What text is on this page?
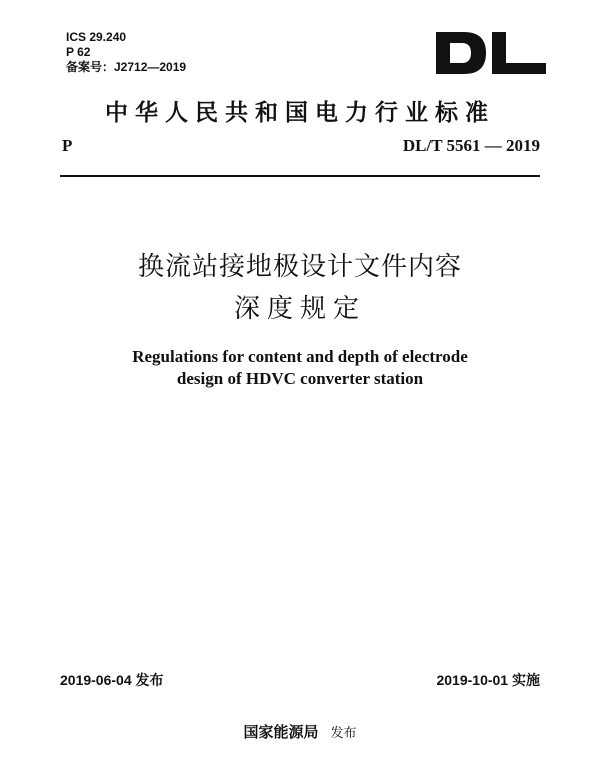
ICS 29.240
P 62
备案号：J2712—2019
中华人民共和国电力行业标准
P	DL/T 5561 — 2019
换流站接地极设计文件内容
深度规定
Regulations for content and depth of electrode
design of HDVC converter station
2019-06-04 发布	2019-10-01 实施
国家能源局 发布
